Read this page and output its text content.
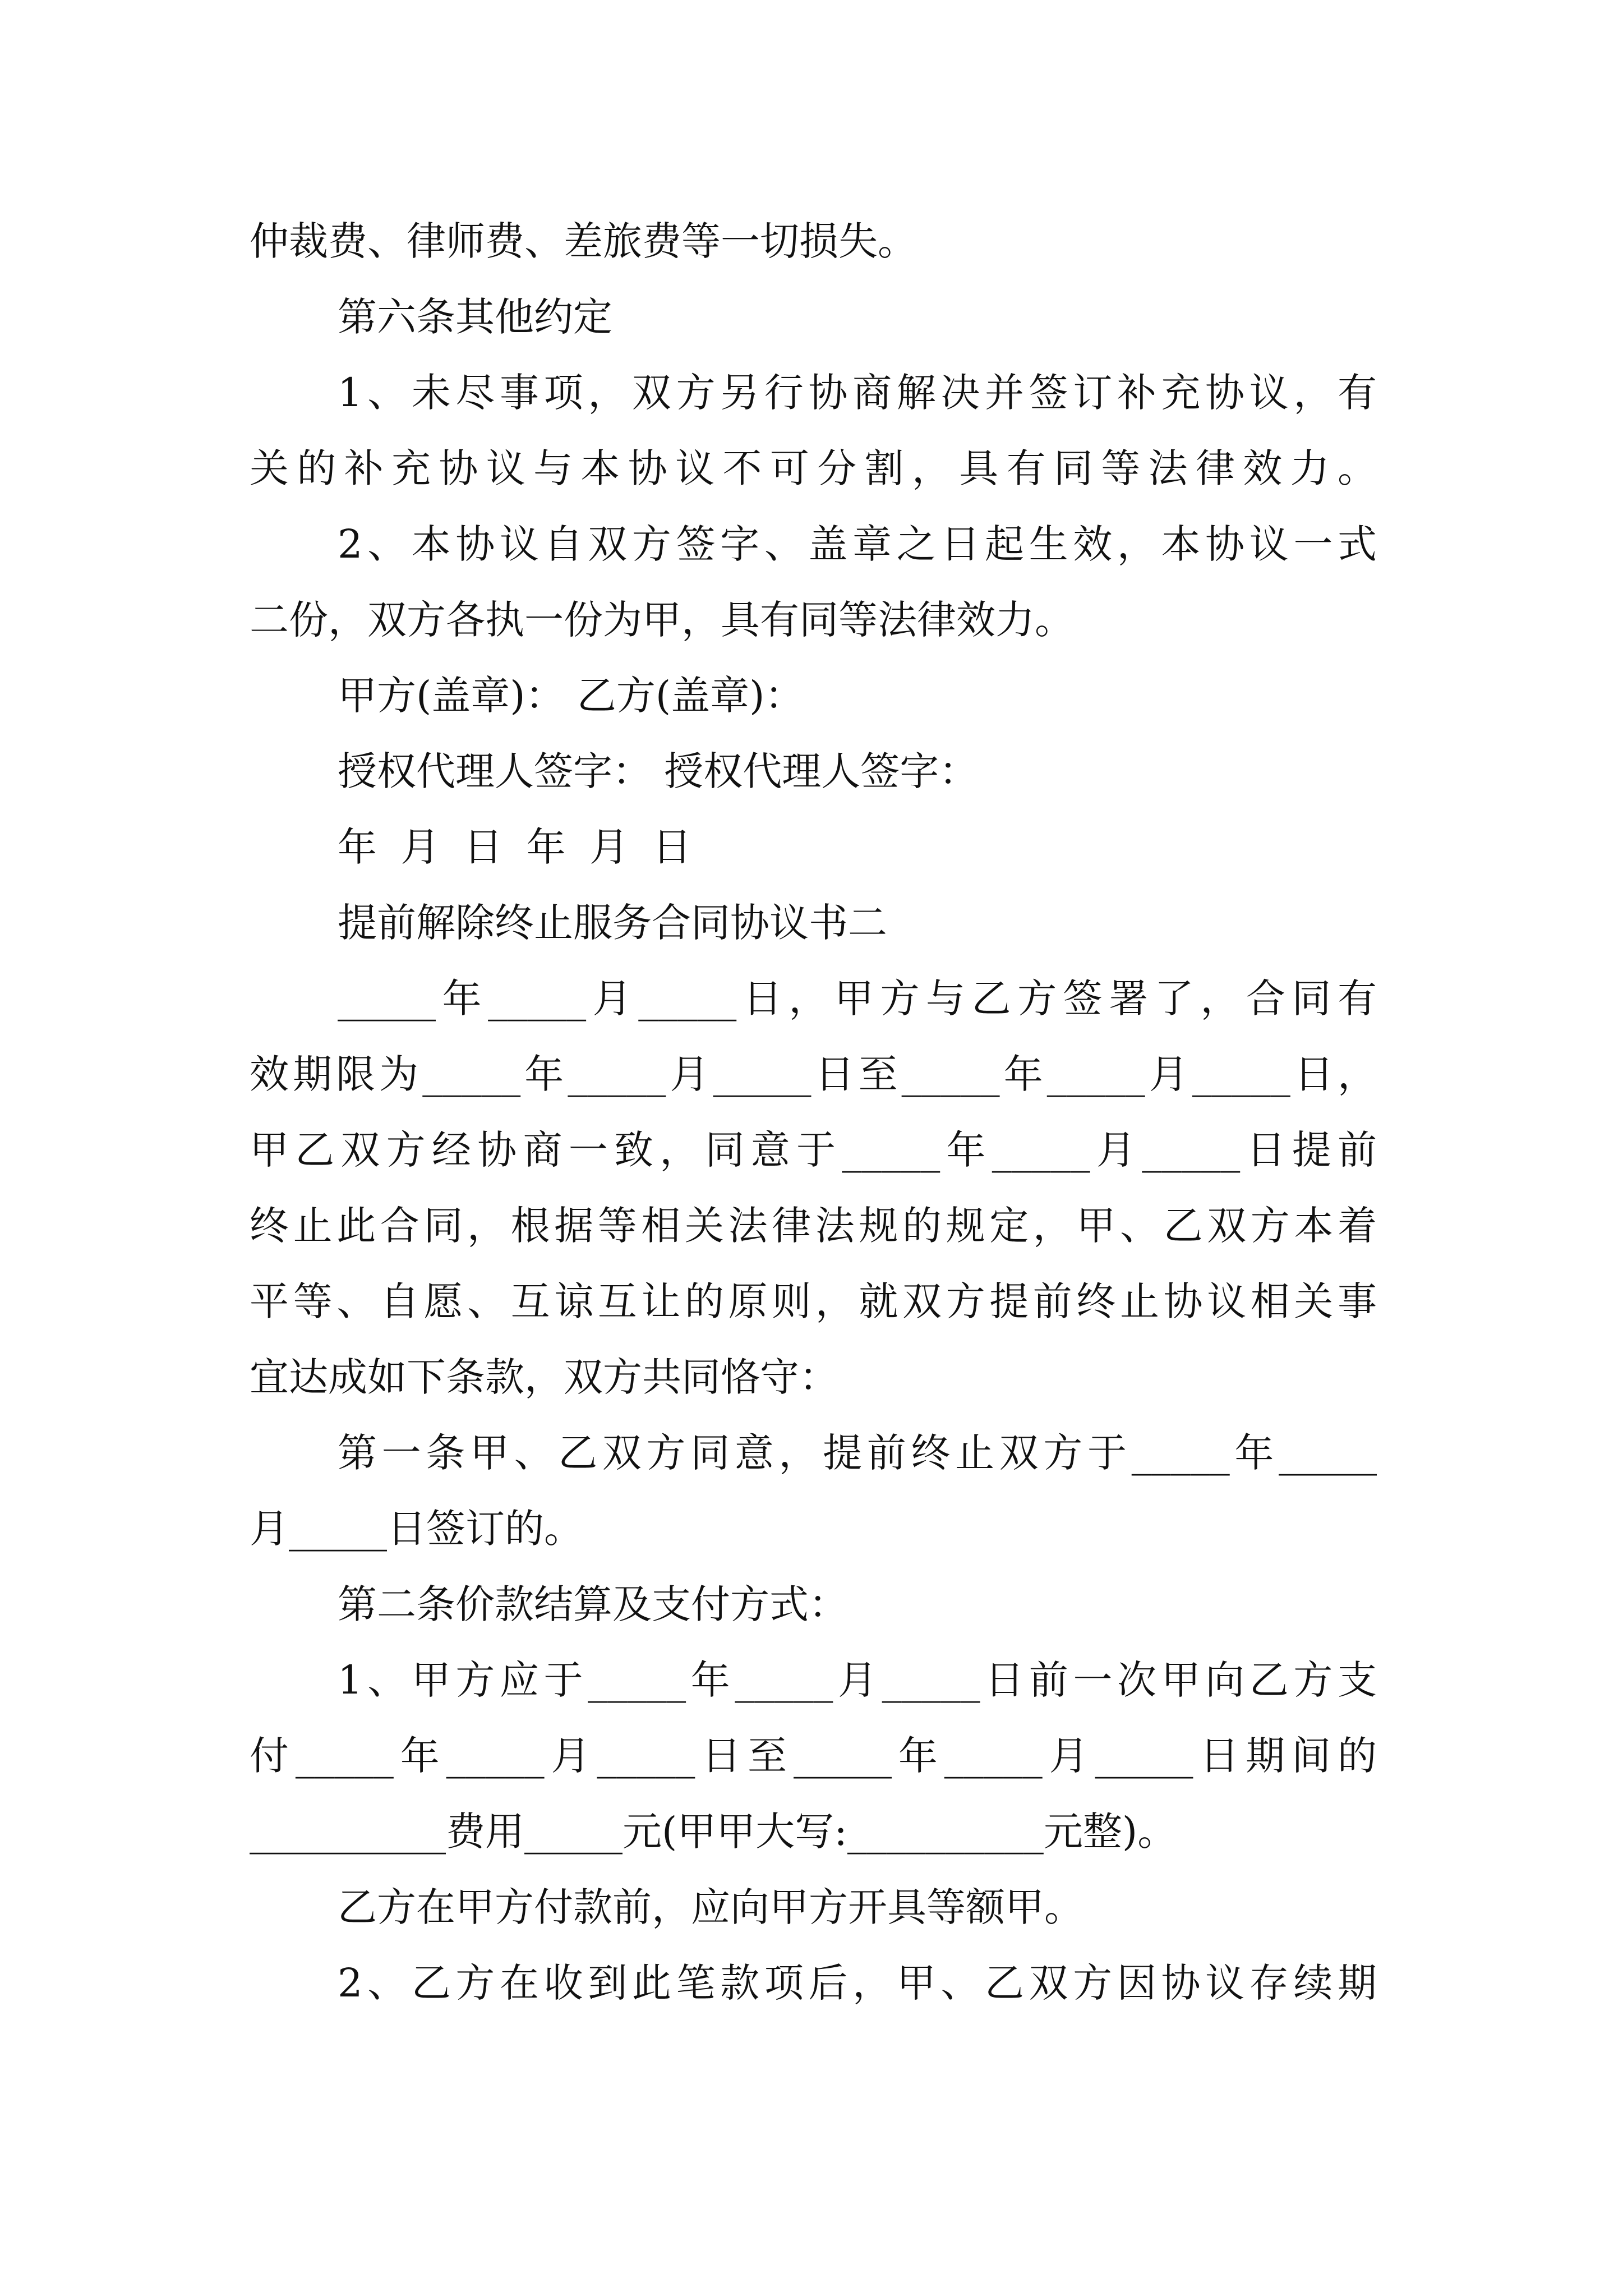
仲裁费、律师费、差旅费等一切损失。
第六条其他约定
1、未尽事项，双方另行协商解决并签订补充协议，有
关的补充协议与本协议不可分割，具有同等法律效力。
2、本协议自双方签字、盖章之日起生效，本协议一式
二份，双方各执一份为甲，具有同等法律效力。
甲方(盖章)： 乙方(盖章)：
授权代理人签字： 授权代理人签字：
年 月 日 年 月 日
提前解除终止服务合同协议书二
_____年_____月_____日，甲方与乙方签署了，合同有
效期限为_____年_____月_____日至_____年_____月_____日，
甲乙双方经协商一致，同意于_____年_____月_____日提前
终止此合同，根据等相关法律法规的规定，甲、乙双方本着
平等、自愿、互谅互让的原则，就双方提前终止协议相关事
宜达成如下条款，双方共同恪守：
第一条甲、乙双方同意，提前终止双方于_____年_____
月_____日签订的。
第二条价款结算及支付方式：
1、甲方应于_____年_____月_____日前一次甲向乙方支
付_____年_____月_____日至_____年_____月_____日期间的
__________费用_____元(甲甲大写:__________元整)。
乙方在甲方付款前，应向甲方开具等额甲。
2、乙方在收到此笔款项后，甲、乙双方因协议存续期
